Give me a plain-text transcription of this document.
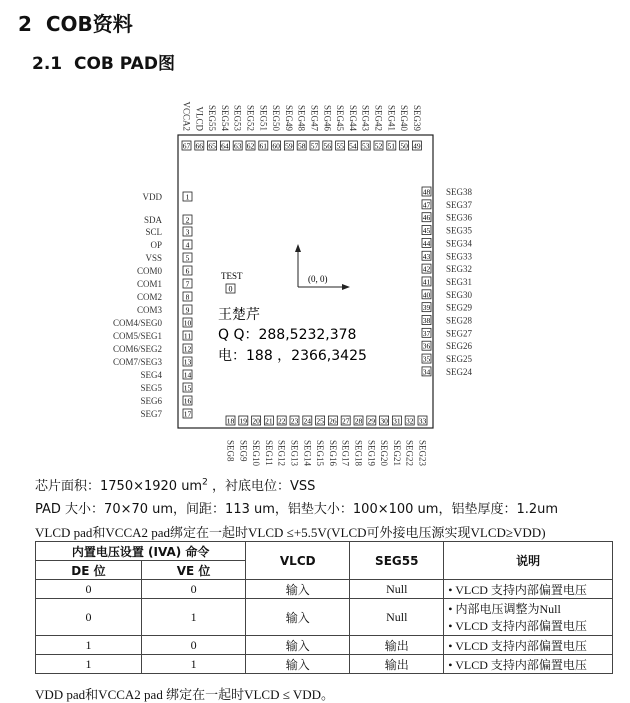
2 COB资料
2.1 COB PAD图
67
VCCA2
66
VLCD
65
SEG55
64
SEG54
63
SEG53
62
SEG52
61
SEG51
60
SEG50
59
SEG49
58
SEG48
57
SEG47
56
SEG46
55
SEG45
54
SEG44
53
SEG43
52
SEG42
51
SEG41
50
SEG40
49
SEG39
1
VDD
2
SDA
3
SCL
4
OP
5
VSS
6
COM0
7
COM1
8
COM2
9
COM3
10
COM4/SEG0
11
COM5/SEG1
12
COM6/SEG2
13
COM7/SEG3
14
SEG4
15
SEG5
16
SEG6
17
SEG7
48 SEG38
47 SEG37
46 SEG36
45 SEG35
44 SEG34
43 SEG33
42 SEG32
41 SEG31
40 SEG30
39 SEG29
38 SEG28
37 SEG27
36 SEG26
35 SEG25
34 SEG24
18
SEG8
19
SEG9
20
SEG10
21
SEG11
22
SEG12
23
SEG13
24
SEG14
25
SEG15
26
SEG16
27
SEG17
28
SEG18
29
SEG19
30
SEG20
31
SEG21
32
SEG22
33
SEG23
TEST
0
(0, 0)
王楚芹
Q Q：288,5232,378
电：188 ，2366,3425
芯片面积：1750×1920 $um^2$ ，衬底电位：VSS
PAD 大小：70×70 um，间距：113 um，铝垫大小：100×100 um，铝垫厚度：1.2um
VLCD pad和VCCA2 pad绑定在一起时VLCD ≤+5.5V(VLCD可外接电压源实现VLCD≥VDD)
内置电压设置 (IVA) 命令		VLCD	SEG55	说明
DE 位	VE 位			
0	0	输入	Null	• VLCD 支持内部偏置电压
0	1	输入	Null	• 内部电压调整为Null
• VLCD 支持内部偏置电压

1	0	输入	输出	• VLCD 支持内部偏置电压
1	1	输入	输出	• VLCD 支持内部偏置电压
VDD pad和VCCA2 pad 绑定在一起时VLCD ≤ VDD。
